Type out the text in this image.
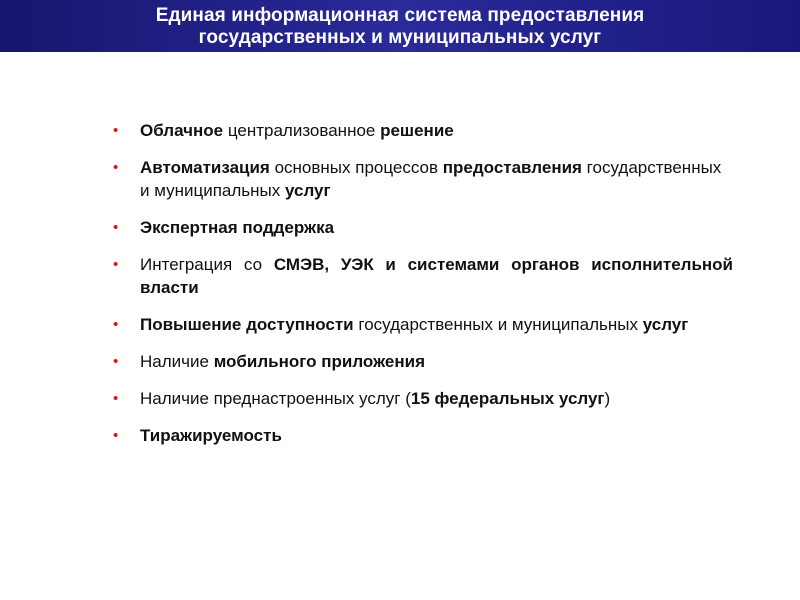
Единая информационная система предоставления
государственных и муниципальных услуг
• Облачное централизованное решение
• Автоматизация основных процессов предоставления государственных и муниципальных услуг
• Экспертная поддержка
• Интеграция со СМЭВ, УЭК и системами органов исполнительной власти
• Повышение доступности государственных и муниципальных услуг
• Наличие мобильного приложения
• Наличие преднастроенных услуг (15 федеральных услуг)
• Тиражируемость
